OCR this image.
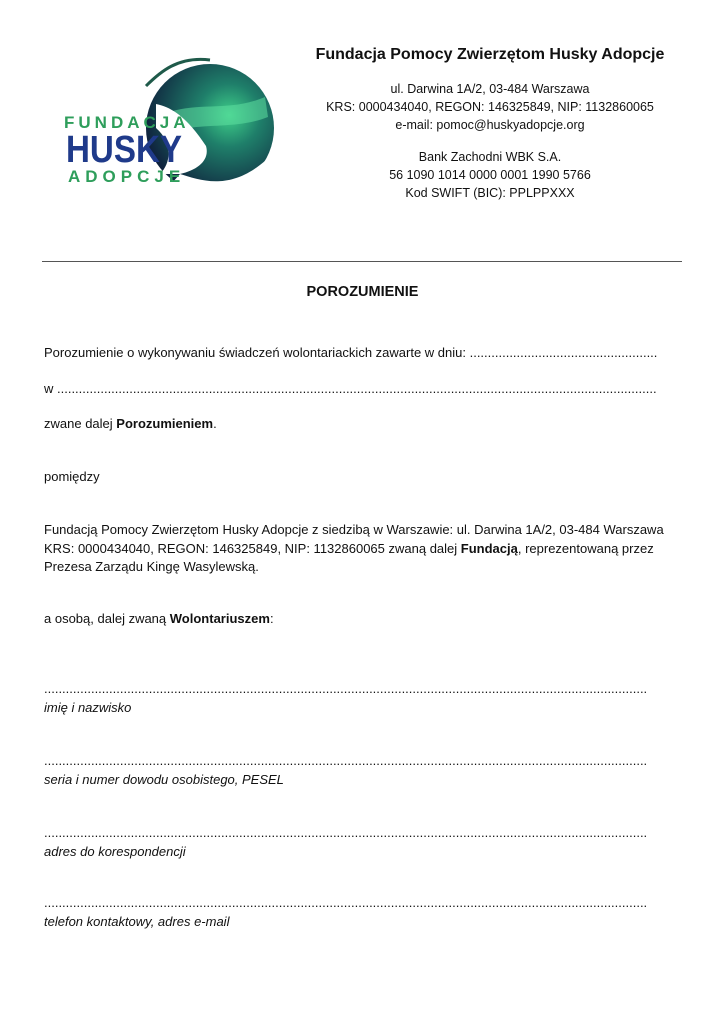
FUNDACJA
HUSKY
ADOPCJE
Fundacja Pomocy Zwierzętom Husky Adopcje
ul. Darwina 1A/2, 03-484 Warszawa
KRS: 0000434040, REGON: 146325849, NIP: 1132860065
e-mail: pomoc@huskyadopcje.org
Bank Zachodni WBK S.A.
56 1090 1014 0000 0001 1990 5766
Kod SWIFT (BIC): PPLPPXXX
POROZUMIENIE
Porozumienie o wykonywaniu świadczeń wolontariackich zawarte w dniu: ....................................................
w ......................................................................................................................................................................
zwane dalej Porozumieniem.
pomiędzy
Fundacją Pomocy Zwierzętom Husky Adopcje z siedzibą w Warszawie: ul. Darwina 1A/2, 03-484 Warszawa KRS: 0000434040, REGON: 146325849, NIP: 1132860065 zwaną dalej Fundacją, reprezentowaną przez Prezesa Zarządu Kingę Wasylewską.
a osobą, dalej zwaną Wolontariuszem:
.......................................................................................................................................................................
imię i nazwisko
.......................................................................................................................................................................
seria i numer dowodu osobistego, PESEL
.......................................................................................................................................................................
adres do korespondencji
.......................................................................................................................................................................
telefon kontaktowy, adres e-mail
